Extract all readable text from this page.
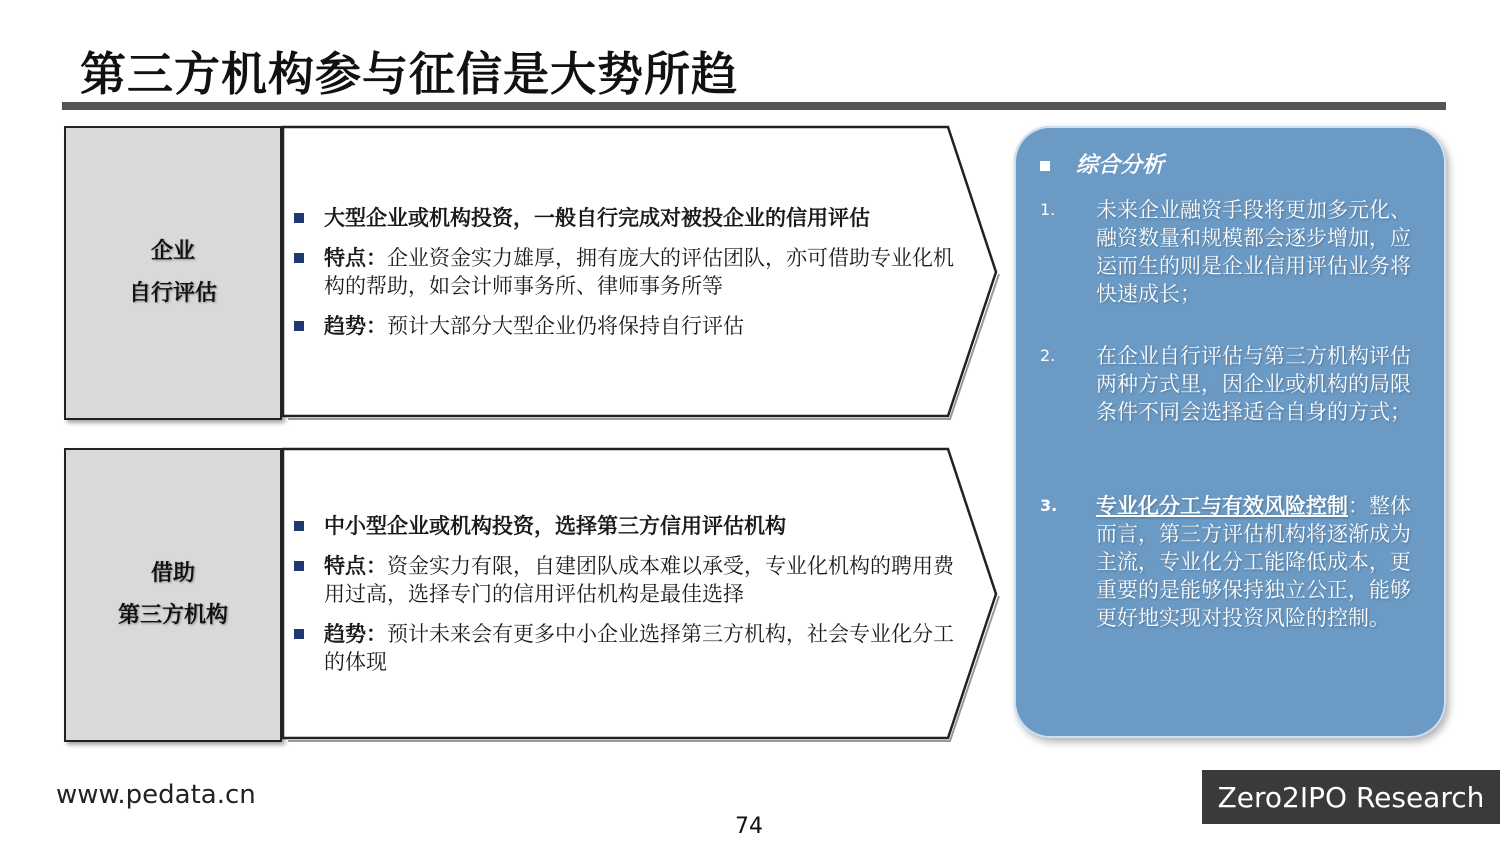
第三方机构参与征信是大势所趋
企业
自行评估
大型企业或机构投资，一般自行完成对被投企业的信用评估
特点：企业资金实力雄厚，拥有庞大的评估团队，亦可借助专业化机构的帮助，如会计师事务所、律师事务所等
趋势：预计大部分大型企业仍将保持自行评估
借助
第三方机构
中小型企业或机构投资，选择第三方信用评估机构
特点：资金实力有限，自建团队成本难以承受，专业化机构的聘用费用过高，选择专门的信用评估机构是最佳选择
趋势：预计未来会有更多中小企业选择第三方机构，社会专业化分工的体现
综合分析
1. 未来企业融资手段将更加多元化、融资数量和规模都会逐步增加，应运而生的则是企业信用评估业务将快速成长；
2. 在企业自行评估与第三方机构评估两种方式里，因企业或机构的局限条件不同会选择适合自身的方式；
3. 专业化分工与有效风险控制：整体而言，第三方评估机构将逐渐成为主流，专业化分工能降低成本，更重要的是能够保持独立公正，能够更好地实现对投资风险的控制。
www.pedata.cn	Zero2IPO Research
74
